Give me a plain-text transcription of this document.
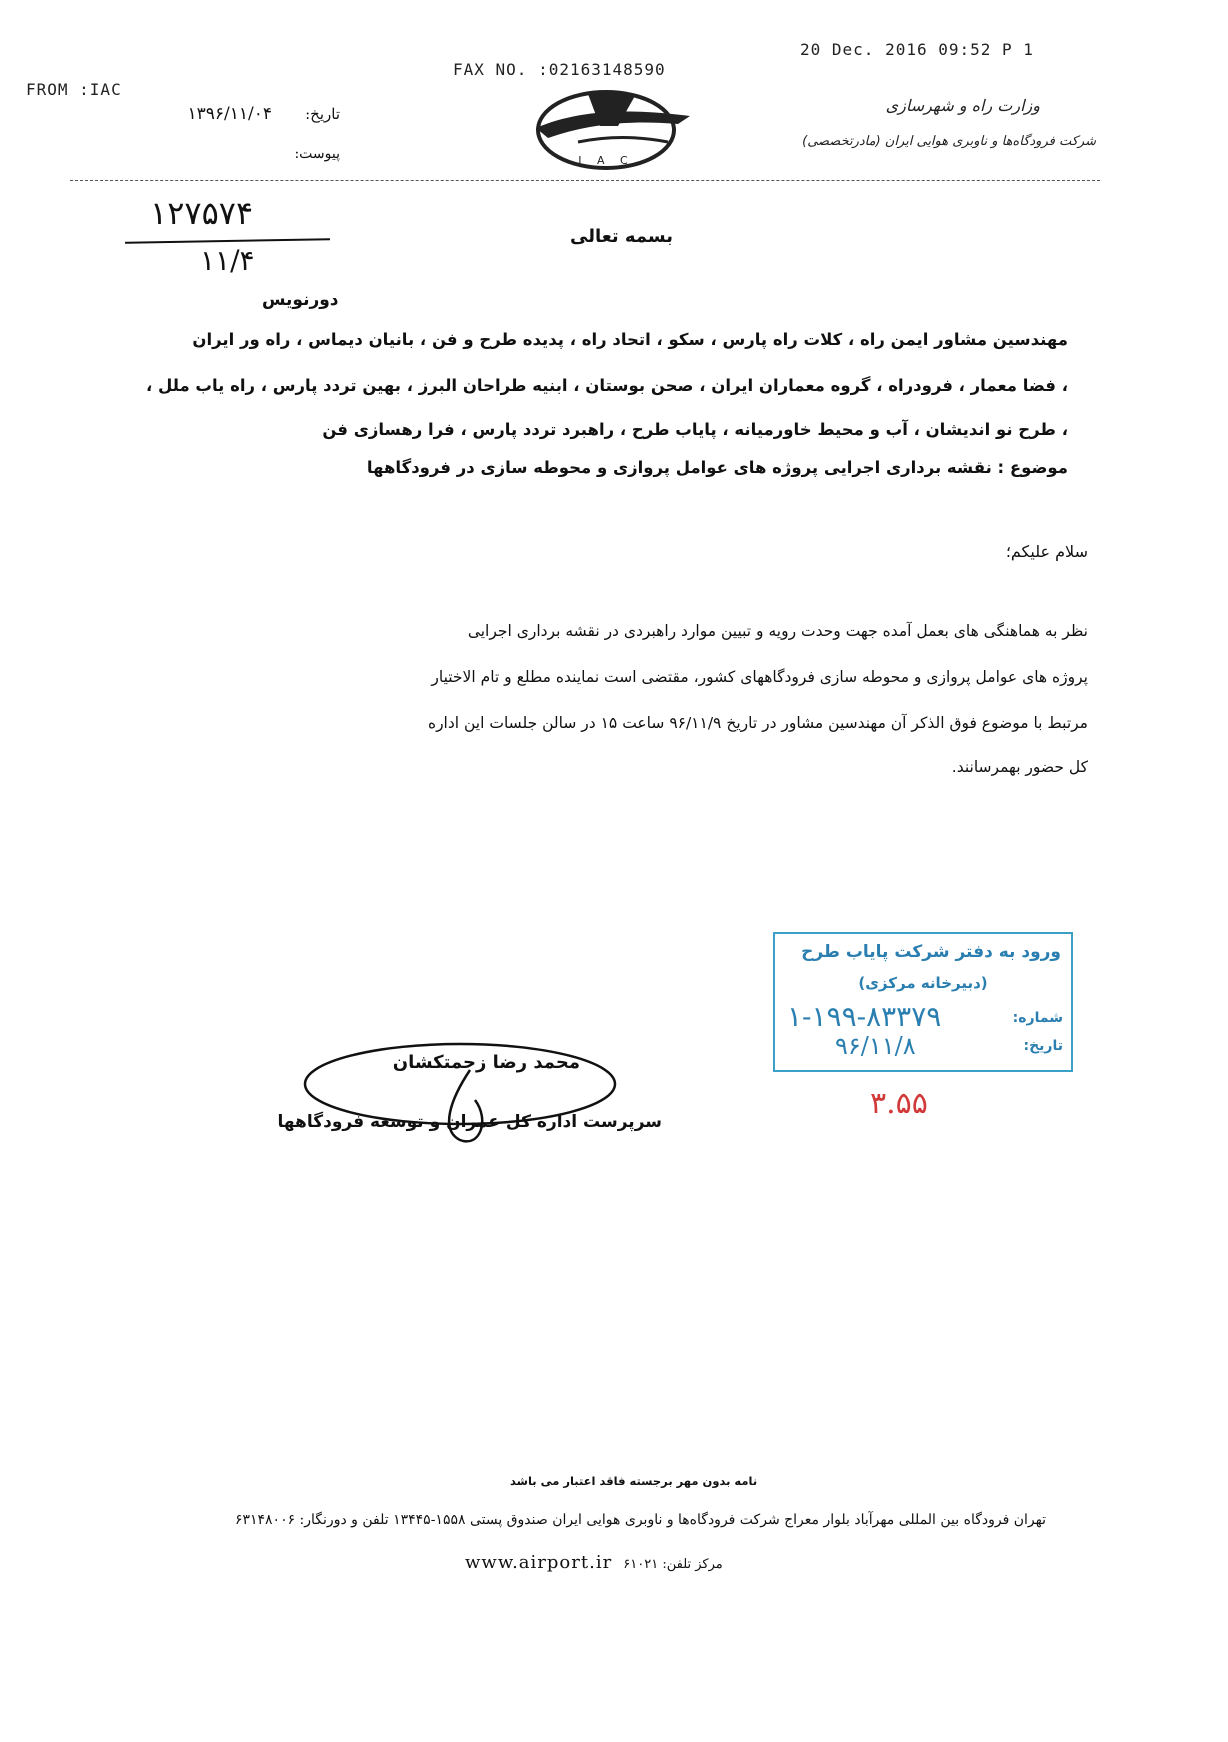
FROM :IAC
FAX NO. :02163148590
20 Dec. 2016 09:52 P 1
تاریخ: ۱۳۹۶/۱۱/۰۴
پیوست:	I A C
وزارت راه و شهرسازی
شرکت فرودگاه‌ها و ناوبری هوایی ایران (مادرتخصصی)
۱۲۷۵۷۴
۱۱/۴
بسمه تعالی
دورنویس
مهندسین مشاور ایمن راه ، کلات راه پارس ، سکو ، اتحاد راه ، پدیده طرح و فن ، بانیان دیماس ، راه ور ایران
، فضا معمار ، فرودراه ، گروه معماران ایران ، صحن بوستان ، ابنیه طراحان البرز ، بهین تردد پارس ، راه یاب ملل ،
، طرح نو اندیشان ، آب و محیط خاورمیانه ، پایاب طرح ، راهبرد تردد پارس ، فرا رهسازی فن
موضوع : نقشه برداری اجرایی پروژه های عوامل پروازی و محوطه سازی در فرودگاهها
سلام علیکم؛
نظر به هماهنگی های بعمل آمده جهت وحدت رویه و تبیین موارد راهبردی در نقشه برداری اجرایی
پروژه های عوامل پروازی و محوطه سازی فرودگاههای کشور، مقتضی است نماینده مطلع و تام الاختیار
مرتبط با موضوع فوق الذکر آن مهندسین مشاور در تاریخ ۹۶/۱۱/۹ ساعت ۱۵ در سالن جلسات این اداره
کل حضور بهمرسانند.
ورود به دفتر شرکت پایاب طرح
(دبیرخانه مرکزی)
شماره:
۱-۱۹۹-۸۳۳۷۹
تاریخ:
۹۶/۱۱/۸
۳.۵۵
محمد رضا زحمتکشان
سرپرست اداره کل عمران و توسعه فرودگاهها
نامه بدون مهر برجسته فاقد اعتبار می باشد
تهران فرودگاه بین المللی مهرآباد بلوار معراج شرکت فرودگاه‌ها و ناوبری هوایی ایران صندوق پستی ۱۵۵۸-۱۳۴۴۵ تلفن و دورنگار: ۶۳۱۴۸۰۰۶
www.airport.ir مرکز تلفن: ۶۱۰۲۱
